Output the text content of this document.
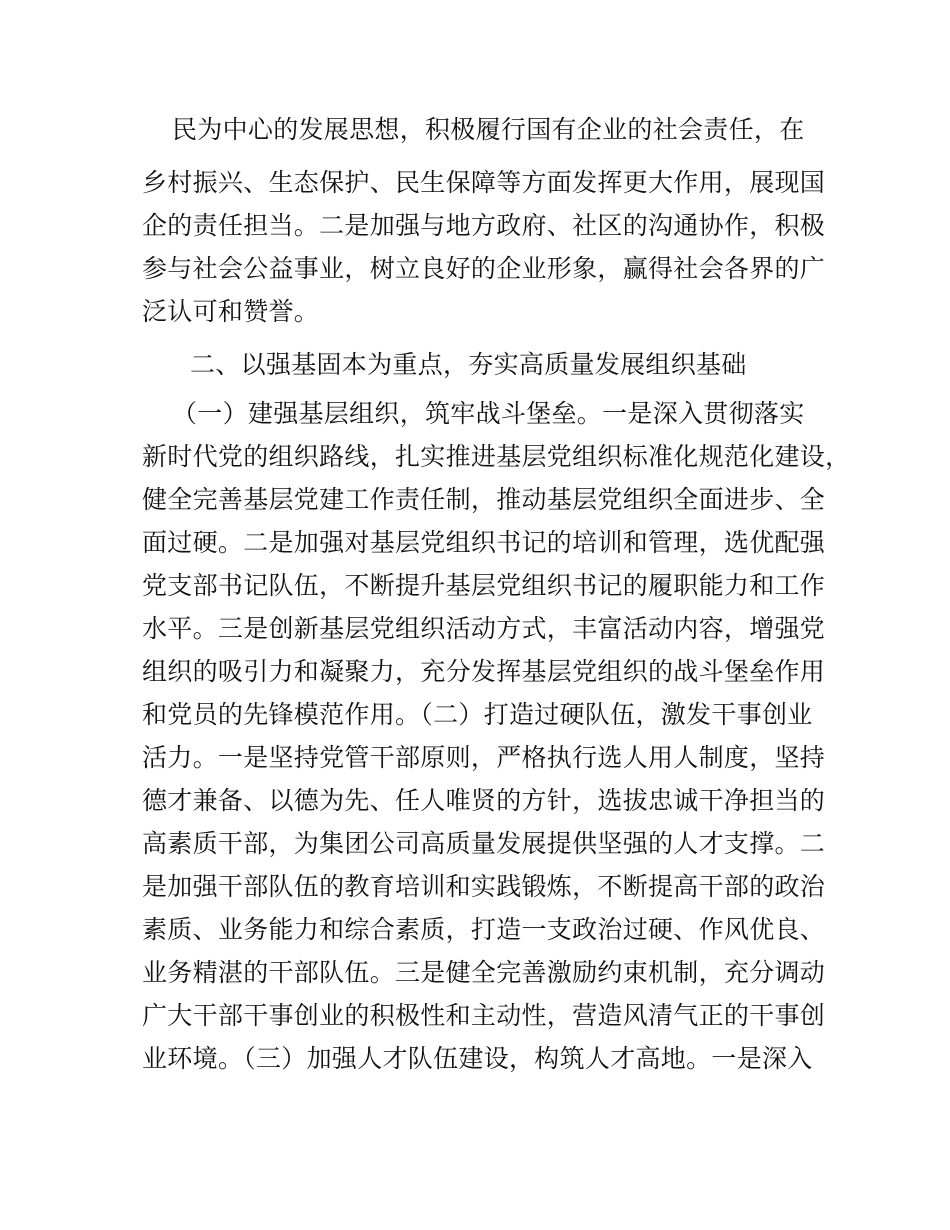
民为中心的发展思想，积极履行国有企业的社会责任，在
乡村振兴、生态保护、民生保障等方面发挥更大作用，展现国
企的责任担当。二是加强与地方政府、社区的沟通协作，积极
参与社会公益事业，树立良好的企业形象，赢得社会各界的广
泛认可和赞誉。
二、以强基固本为重点，夯实高质量发展组织基础
（一）建强基层组织，筑牢战斗堡垒。一是深入贯彻落实
新时代党的组织路线，扎实推进基层党组织标准化规范化建设，
健全完善基层党建工作责任制，推动基层党组织全面进步、全
面过硬。二是加强对基层党组织书记的培训和管理，选优配强
党支部书记队伍，不断提升基层党组织书记的履职能力和工作
水平。三是创新基层党组织活动方式，丰富活动内容，增强党
组织的吸引力和凝聚力，充分发挥基层党组织的战斗堡垒作用
和党员的先锋模范作用。（二）打造过硬队伍，激发干事创业
活力。一是坚持党管干部原则，严格执行选人用人制度，坚持
德才兼备、以德为先、任人唯贤的方针，选拔忠诚干净担当的
高素质干部，为集团公司高质量发展提供坚强的人才支撑。二
是加强干部队伍的教育培训和实践锻炼，不断提高干部的政治
素质、业务能力和综合素质，打造一支政治过硬、作风优良、
业务精湛的干部队伍。三是健全完善激励约束机制，充分调动
广大干部干事创业的积极性和主动性，营造风清气正的干事创
业环境。（三）加强人才队伍建设，构筑人才高地。一是深入
